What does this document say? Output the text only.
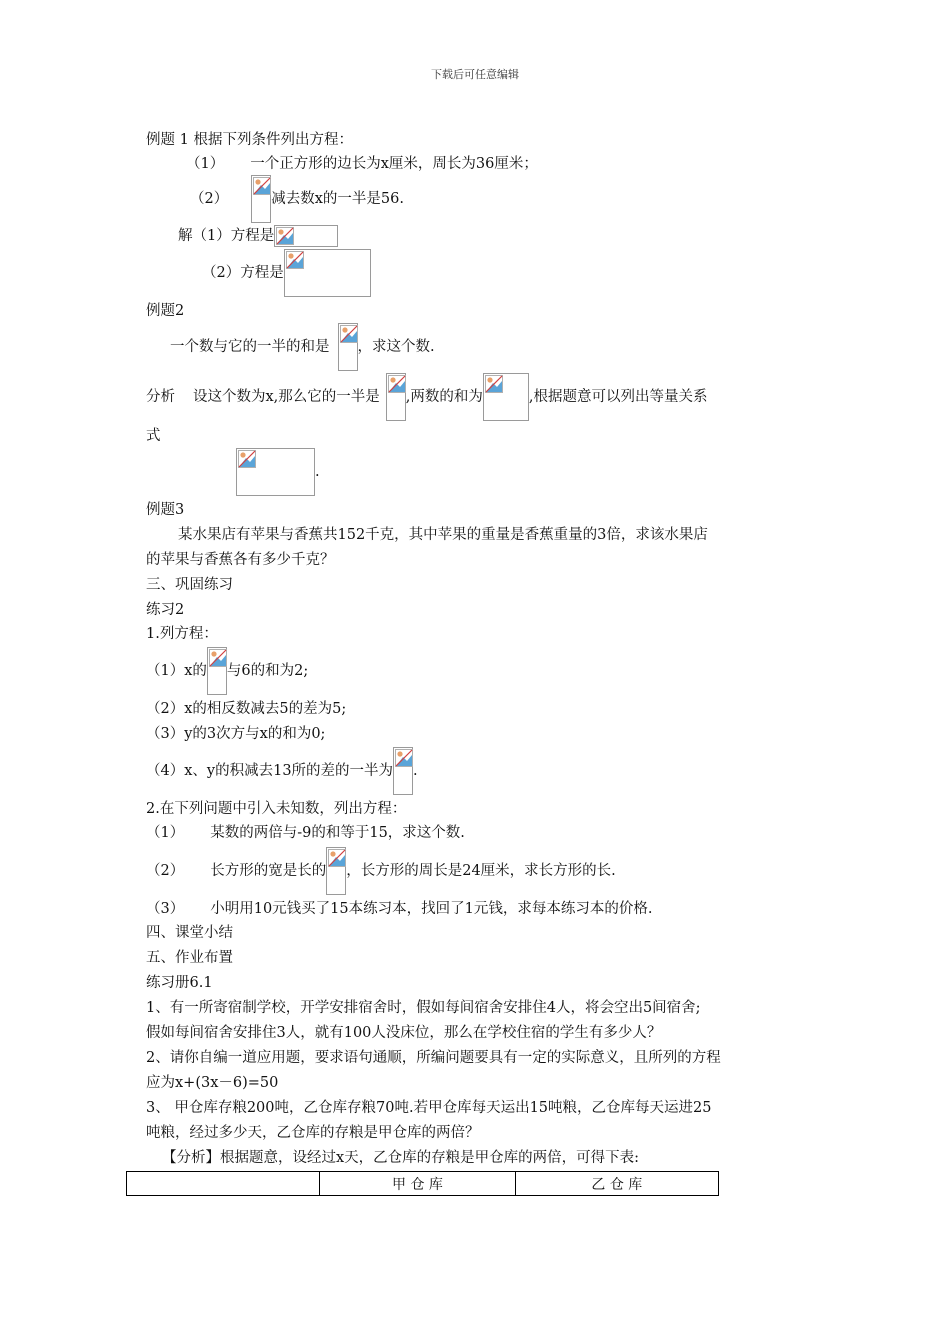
下载后可任意编辑
例题 1 根据下列条件列出方程：
（1） 一个正方形的边长为x厘米，周长为36厘米；
（2）	减去数x的一半是56.
解（1）方程是
（2）方程是
例题2
一个数与它的一半的和是 ，求这个数.
分析 设这个数为x,那么它的一半是 ,两数的和为	,根据题意可以列出等量关系
式
.
例题3
某水果店有苹果与香蕉共152千克，其中苹果的重量是香蕉重量的3倍，求该水果店
的苹果与香蕉各有多少千克？
三、巩固练习
练习2
1.列方程：
（1）x的 与6的和为2;
（2）x的相反数减去5的差为5;
（3）y的3次方与x的和为0;
（4）x、y的积减去13所的差的一半为 .
2.在下列问题中引入未知数，列出方程：
（1） 某数的两倍与-9的和等于15，求这个数.
（2） 长方形的宽是长的 ，长方形的周长是24厘米，求长方形的长.
（3） 小明用10元钱买了15本练习本，找回了1元钱，求每本练习本的价格.
四、课堂小结
五、作业布置
练习册6.1
1、有一所寄宿制学校，开学安排宿舍时，假如每间宿舍安排住4人，将会空出5间宿舍;
假如每间宿舍安排住3人，就有100人没床位，那么在学校住宿的学生有多少人？
2、请你自编一道应用题，要求语句通顺，所编问题要具有一定的实际意义，且所列的方程
应为x+(3x－6)=50
3、 甲仓库存粮200吨，乙仓库存粮70吨.若甲仓库每天运出15吨粮，乙仓库每天运进25
吨粮，经过多少天，乙仓库的存粮是甲仓库的两倍？
【分析】根据题意，设经过x天，乙仓库的存粮是甲仓库的两倍，可得下表:
	甲 仓 库	乙 仓 库
